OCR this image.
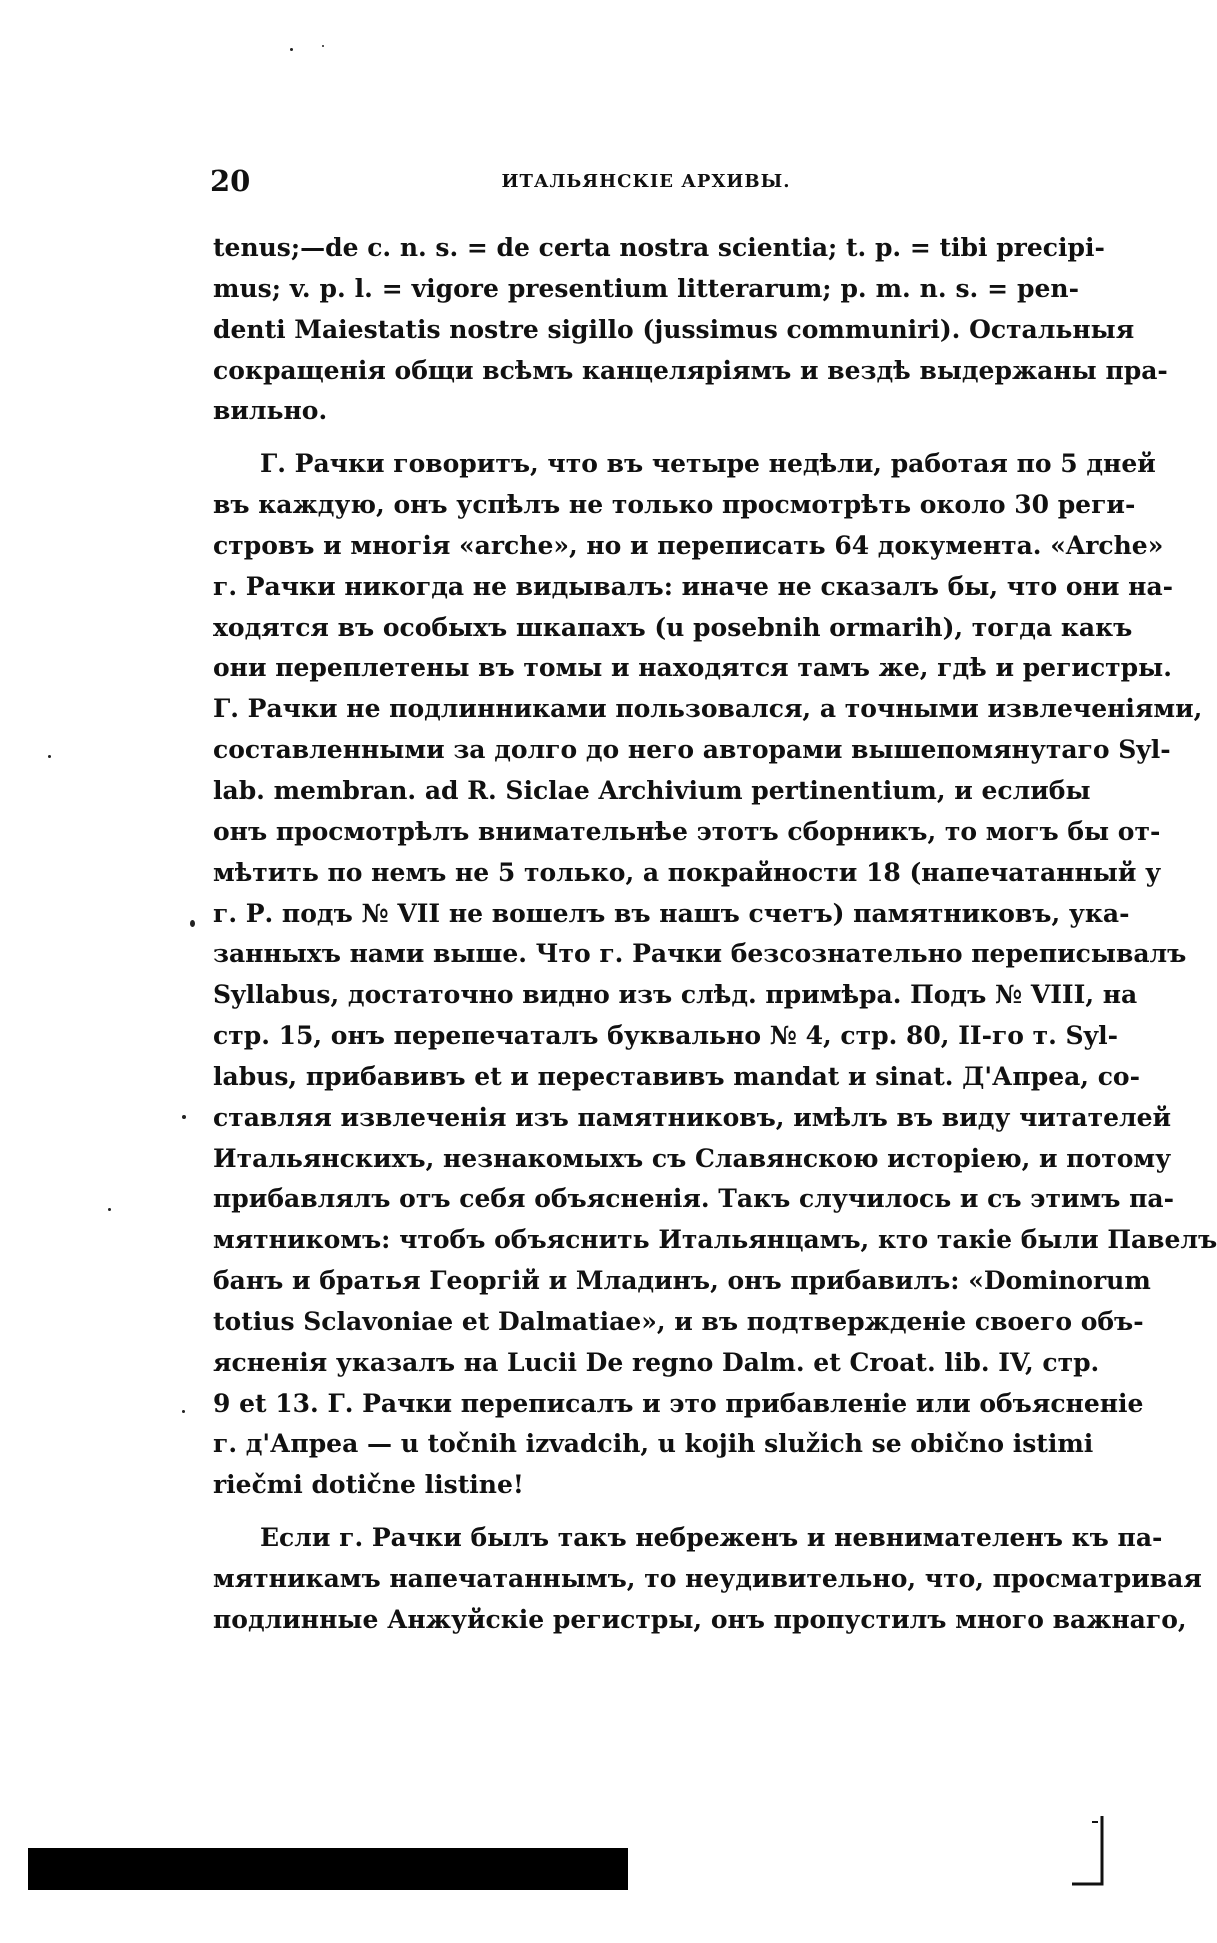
20	ИТАЛЬЯНСКІЕ АРХИВЫ.
tenus;—de c. n. s. = de certa nostra scientia; t. p. = tibi precipi-
mus; v. p. l. = vigore presentium litterarum; p. m. n. s. = pen-
denti Maiestatis nostre sigillo (jussimus communiri). Остальныя
сокращенія общи всѣмъ канцеляріямъ и вездѣ выдержаны пра-
вильно.
Г. Рачки говоритъ, что въ четыре недѣли, работая по 5 дней
въ каждую, онъ успѣлъ не только просмотрѣть около 30 реги-
стровъ и многія «arche», но и переписать 64 документа. «Arche»
г. Рачки никогда не видывалъ: иначе не сказалъ бы, что они на-
ходятся въ особыхъ шкапахъ (u posebnih ormarih), тогда какъ
они переплетены въ томы и находятся тамъ же, гдѣ и регистры.
Г. Рачки не подлинниками пользовался, а точными извлеченіями,
составленными за долго до него авторами вышепомянутаго Syl-
lab. membran. ad R. Siclae Archivium pertinentium, и еслибы
онъ просмотрѣлъ внимательнѣе этотъ сборникъ, то могъ бы от-
мѣтить по немъ не 5 только, а покрайности 18 (напечатанный у
г. Р. подъ № VII не вошелъ въ нашъ счетъ) памятниковъ, ука-
занныхъ нами выше. Что г. Рачки безсознательно переписывалъ
Syllabus, достаточно видно изъ слѣд. примѣра. Подъ № VIII, на
стр. 15, онъ перепечаталъ буквально № 4, стр. 80, II-го т. Syl-
labus, прибавивъ et и переставивъ mandat и sinat. Д'Апреа, со-
ставляя извлеченія изъ памятниковъ, имѣлъ въ виду читателей
Итальянскихъ, незнакомыхъ съ Славянскою исторіею, и потому
прибавлялъ отъ себя объясненія. Такъ случилось и съ этимъ па-
мятникомъ: чтобъ объяснить Итальянцамъ, кто такіе были Павелъ
банъ и братья Георгій и Младинъ, онъ прибавилъ: «Dominorum
totius Sclavoniae et Dalmatiae», и въ подтвержденіе своего объ-
ясненія указалъ на Lucii De regno Dalm. et Croat. lib. IV, стр.
9 et 13. Г. Рачки переписалъ и это прибавленіе или объясненіе
г. д'Апреа — u točnih izvadcih, u kojih služich se obično istimi
riečmi dotične listine!
Если г. Рачки былъ такъ небреженъ и невнимателенъ къ па-
мятникамъ напечатаннымъ, то неудивительно, что, просматривая
подлинные Анжуйскіе регистры, онъ пропустилъ много важнаго,
